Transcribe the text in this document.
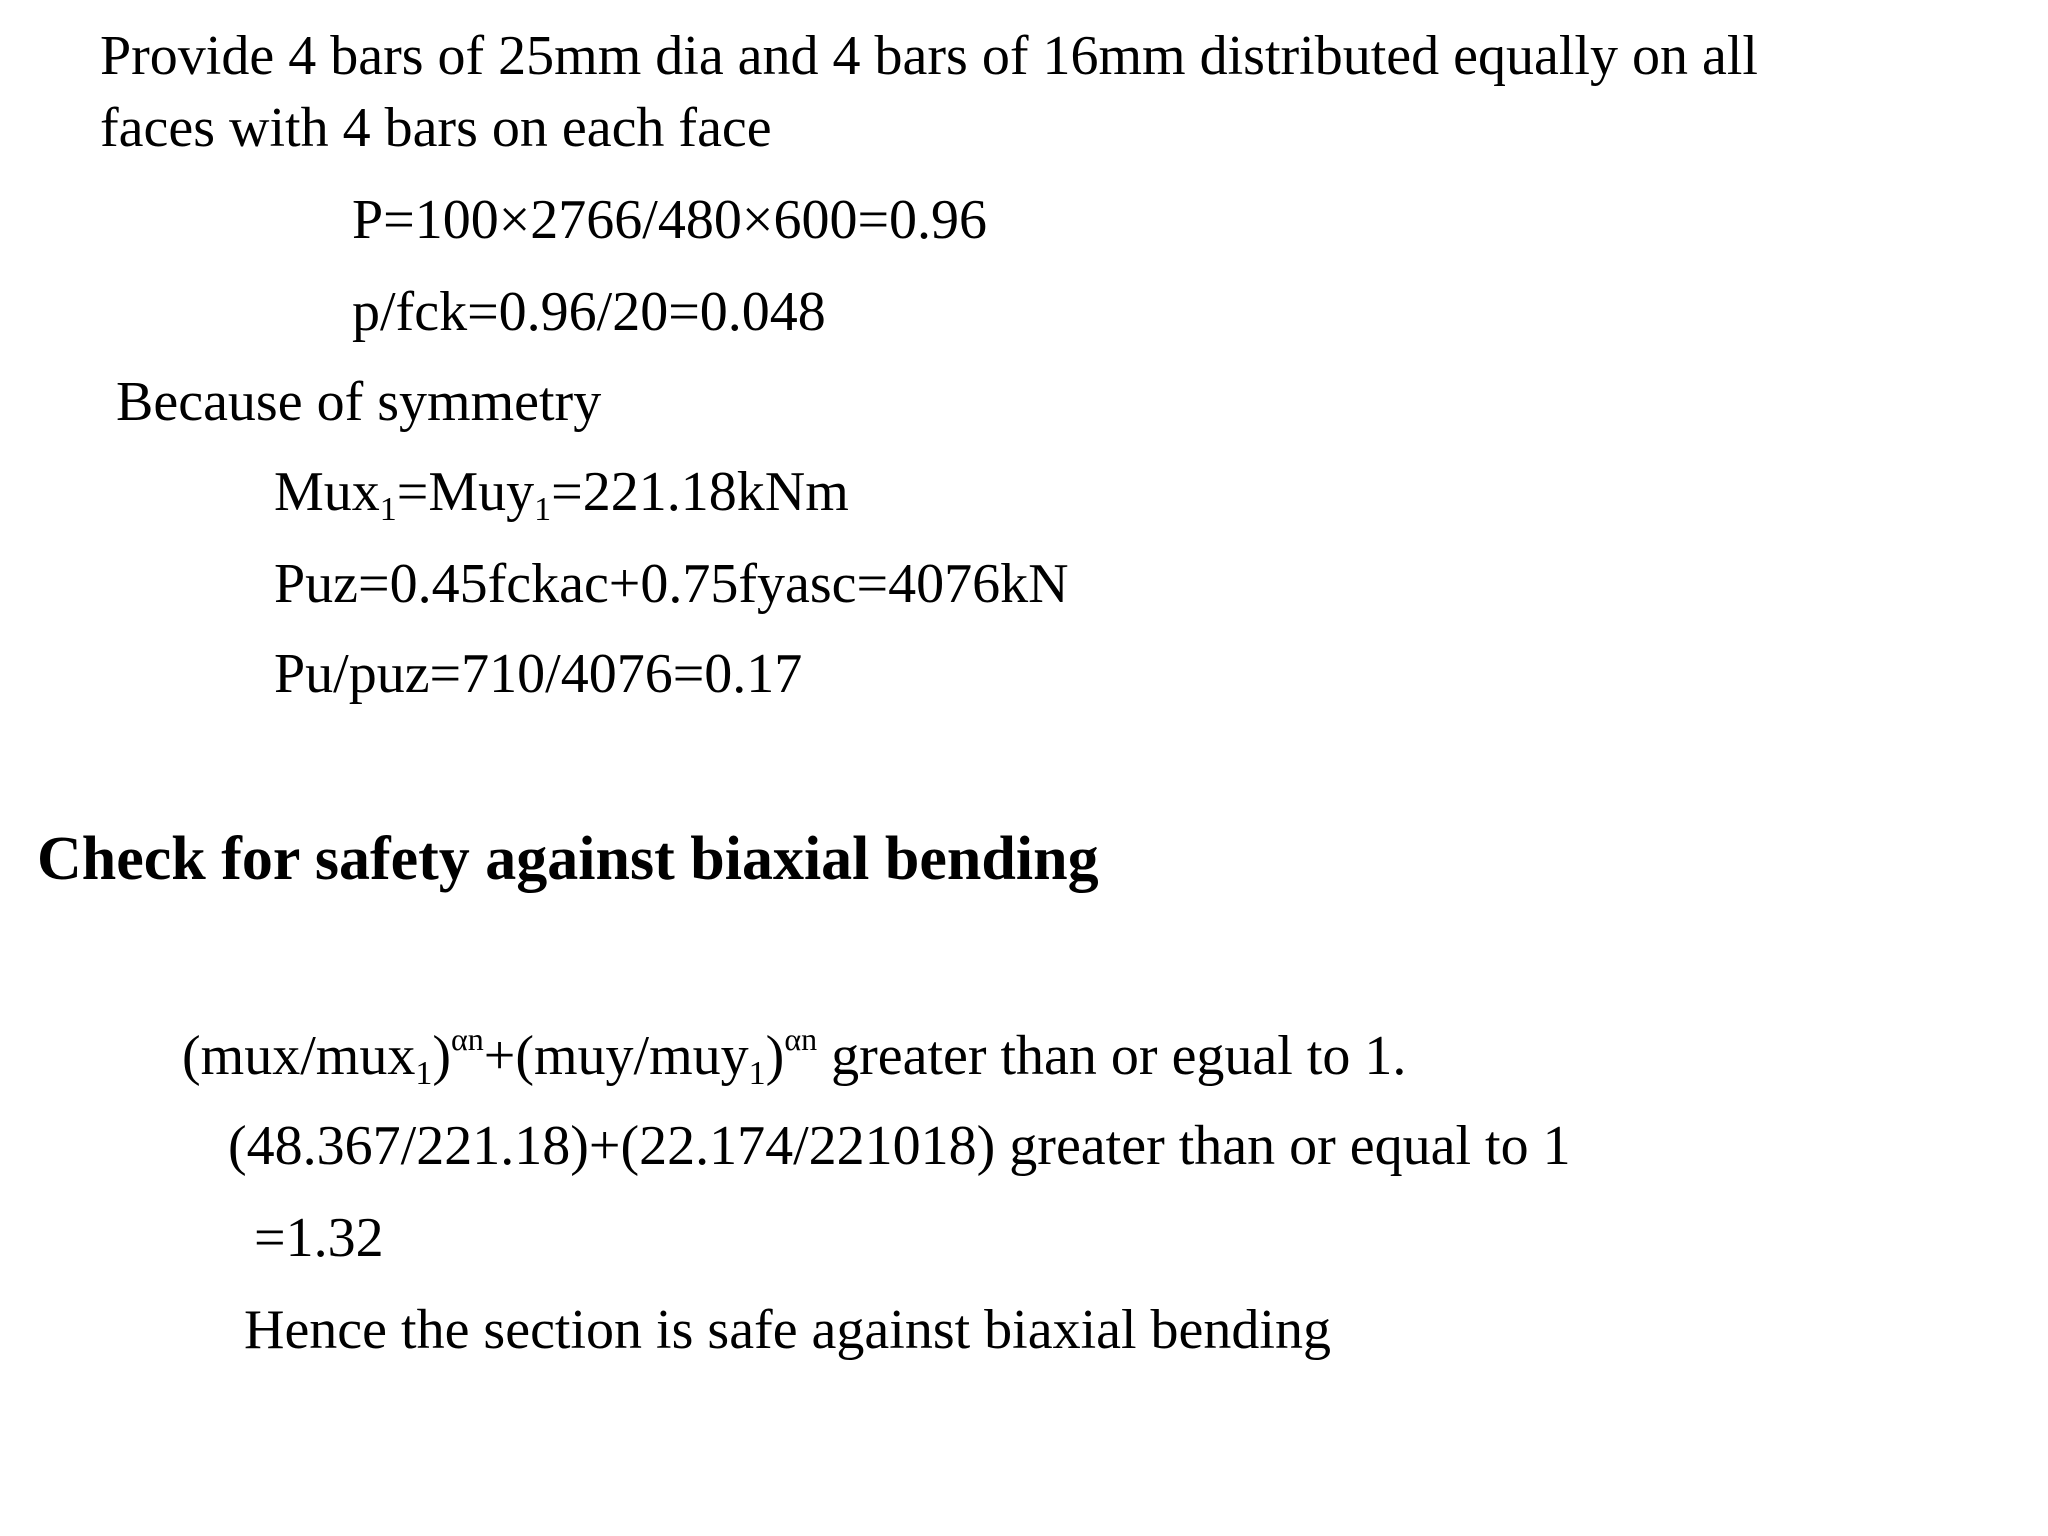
Provide 4 bars of 25mm dia and 4 bars of 16mm distributed equally on all
faces with 4 bars on each face
P=100×2766/480×600=0.96
p/fck=0.96/20=0.048
Because of symmetry
Mux$_1$=Muy$_1$=221.18kNm
Puz=0.45fckac+0.75fyasc=4076kN
Pu/puz=710/4076=0.17
Check for safety against biaxial bending
$(mux/mux_1)^{\alpha n}+(muy/muy_1)^{\alpha n}$ greater than or egual to 1.
(48.367/221.18)+(22.174/221018) greater than or equal to 1
=1.32
Hence the section is safe against biaxial bending
